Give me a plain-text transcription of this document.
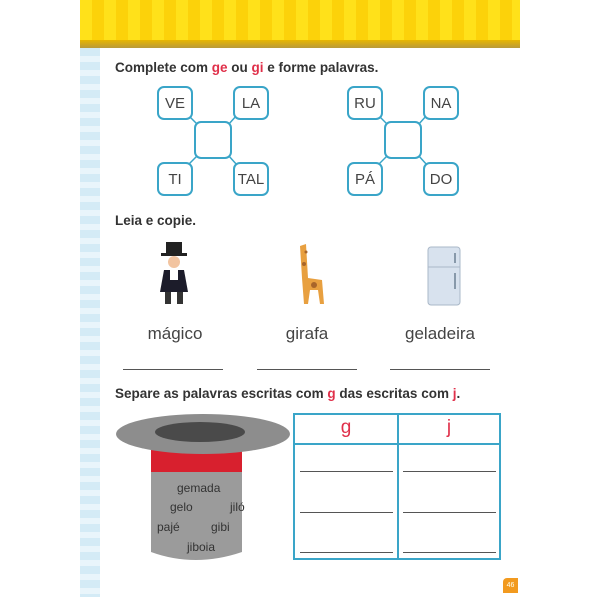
Complete com ge ou gi e forme palavras.
VE	LA
TI	TAL
RU	NA
PÁ	DO
Leia e copie.
mágico	girafa	geladeira
Separe as palavras escritas com g das escritas com j.
gemada
gelo	jiló
pajé	gibi
jiboia
g	j
46
